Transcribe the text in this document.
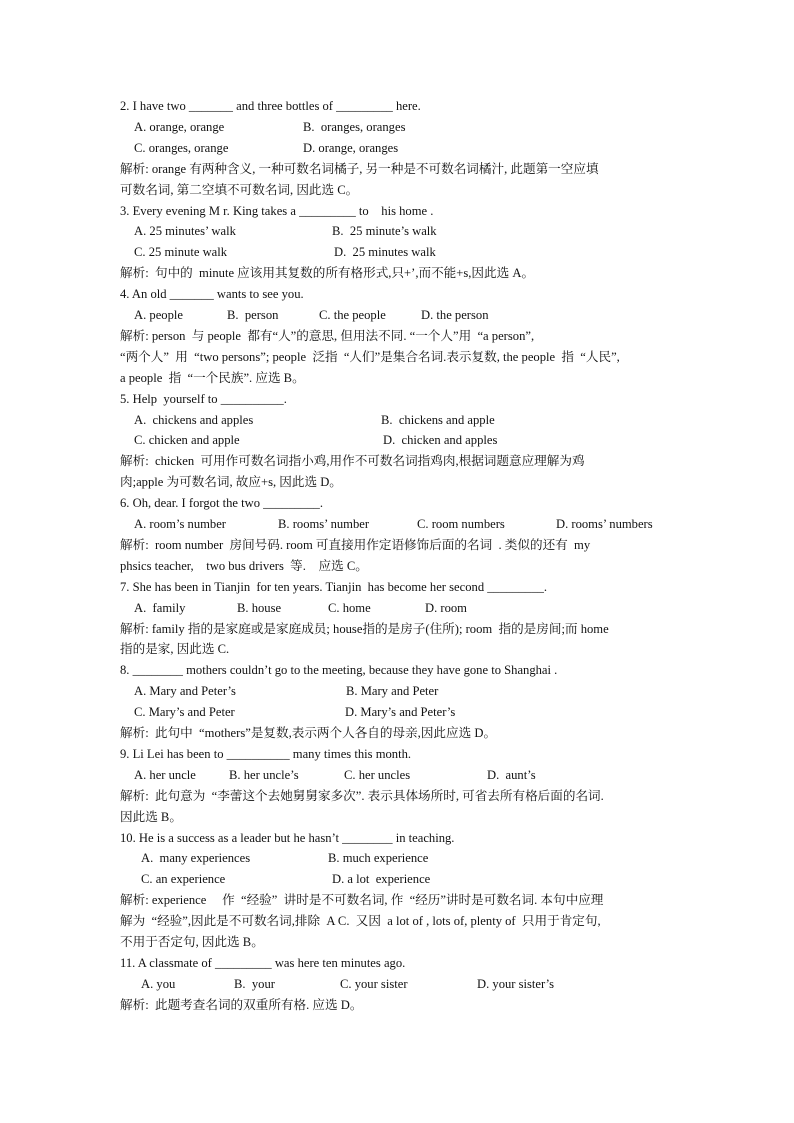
2. I have two _______ and three bottles of _________ here.
A. orange, orange	B.  oranges, oranges
C. oranges, orange	D. orange, oranges
解析: orange 有两种含义, 一种可数名词橘子, 另一种是不可数名词橘汁, 此题第一空应填
可数名词, 第二空填不可数名词, 因此选 C。
3. Every evening M r. King takes a _________ to    his home .
A. 25 minutes’ walk	B.  25 minute’s walk
C. 25 minute walk	D.  25 minutes walk
解析:  句中的  minute 应该用其复数的所有格形式,只+’,而不能+s,因此选 A。
4. An old _______ wants to see you.
A. people	B.  person	C. the people	D. the person
解析: person  与 people  都有“人”的意思, 但用法不同. “一个人”用  “a person”,
“两个人”  用  “two persons”; people  泛指  “人们”是集合名词.表示复数, the people  指  “人民”,
a people  指  “一个民族”. 应选 B。
5. Help  yourself to __________.
A.  chickens and apples	B.  chickens and apple
C. chicken and apple	D.  chicken and apples
解析:  chicken  可用作可数名词指小鸡,用作不可数名词指鸡肉,根据词题意应理解为鸡
肉;apple 为可数名词, 故应+s, 因此选 D。
6. Oh, dear. I forgot the two _________.
A. room’s number	B. rooms’ number	C. room numbers	D. rooms’ numbers
解析:  room number  房间号码. room 可直接用作定语修饰后面的名词  . 类似的还有  my
phsics teacher,    two bus drivers  等.    应选 C。
7. She has been in Tianjin  for ten years. Tianjin  has become her second _________.
A.  family	B. house	C. home	D. room
解析: family 指的是家庭或是家庭成员; house指的是房子(住所); room  指的是房间;而 home
指的是家, 因此选 C.
8. ________ mothers couldn’t go to the meeting, because they have gone to Shanghai .
A. Mary and Peter’s	B. Mary and Peter
C. Mary’s and Peter	D. Mary’s and Peter’s
解析:  此句中  “mothers”是复数,表示两个人各自的母亲,因此应选 D。
9. Li Lei has been to __________ many times this month.
A. her uncle	B. her uncle’s	C. her uncles	D.  aunt’s
解析:  此句意为  “李蕾这个去她舅舅家多次”. 表示具体场所时, 可省去所有格后面的名词.
因此选 B。
10. He is a success as a leader but he hasn’t ________ in teaching.
A.  many experiences	B. much experience
C. an experience	D. a lot  experience
解析: experience     作  “经验”  讲时是不可数名词, 作  “经历”讲时是可数名词. 本句中应理
解为  “经验”,因此是不可数名词,排除  A C.  又因  a lot of , lots of, plenty of  只用于肯定句,
不用于否定句, 因此选 B。
11. A classmate of _________ was here ten minutes ago.
A. you	B.  your	C. your sister	D. your sister’s
解析:  此题考查名词的双重所有格. 应选 D。
